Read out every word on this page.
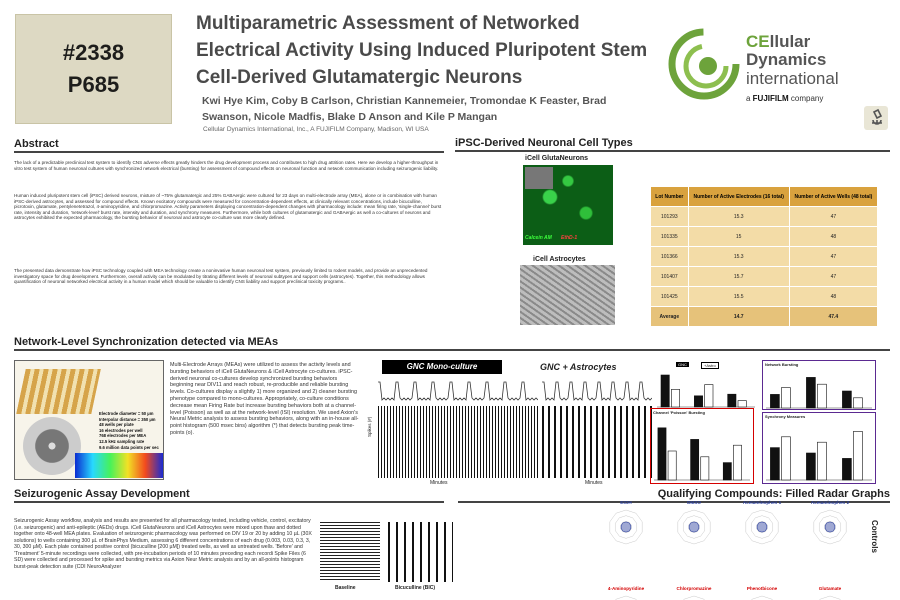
#2338
P685
Multiparametric Assessment of Networked Electrical Activity Using Induced Pluripotent Stem Cell-Derived Glutamatergic Neurons
Kwi Hye Kim, Coby B Carlson, Christian Kannemeier, Tromondae K Feaster, Brad Swanson, Nicole Madfis, Blake D Anson and Kile P Mangan
Cellular Dynamics International, Inc., A FUJIFILM Company, Madison, WI USA
CEllular
Dynamics
international
a FUJIFILM company
Abstract
The lack of a predictable preclinical test system to identify CNS adverse effects greatly hinders the drug development process and contributes to high drug attrition rates. Here we develop a higher-throughput in vitro test system of human neuronal cultures with synchronized network electrical (bursting) for assessment of compound effects on neuronal function and network communication including seizurogenic liability.
Human induced pluripotent stem cell (iPSC) derived neurons, mixture of ~75% glutamatergic and 25% GABAergic were cultured for 23 days on multi-electrode array (MEA), alone or in combination with human iPSC-derived astrocytes, and assessed for compound effects. Known excitatory compounds were measured for concentration-dependent effects, at clinically relevant concentrations, include bicuculline, picrotoxin, glutamate, pentylenetetrazol, 4-aminopyridine, and chlorpromazine. Activity parameters displaying concentration-dependent changes with pharmacology include: mean firing rate, 'single-channel' burst rate, intensity and duration, 'network-level' burst rate, intensity and duration, and synchrony measures. Furthermore, while both cultures of glutamatergic and GABAergic as well a co-cultures of neurons and astrocytes exhibited the expected pharmacology, the bursting behavior of neuronal and astrocyte co-culture was more clearly defined.
The presented data demonstrate how iPSC technology coupled with MEA technology create a noninvasive human neuronal test system, previously limited to rodent models, and provide an unprecedented investigatory space for drug development. Furthermore, overall activity can be modulated by titrating different levels of neuronal subtypes and support cells (astrocytes). Together, this methodology allows quantification of neuronal networked electrical activity in a human model which should be valuable to identify CNS liability and support preclinical toxicity programs..
iPSC-Derived Neuronal Cell Types
iCell GlutaNeurons
Calcein AM EthD-1
iCell Astrocytes
Lot Number	Number of Active Electrodes (16 total)	Number of Active Wells (48 total)
101293	15.3	47
101335	15	48
101366	15.3	47
101407	15.7	47
101425	15.5	48
Average	14.7	47.4
Network-Level Synchronization detected via MEAs
Electrode diameter = 50 µm
Interpolar distance = 350 µm
48 wells per plate
16 electrodes per well
768 electrodes per MEA
12.5 kHz sampling rate
9.6 million data points per sec
Multi-Electrode Arrays (MEAs) were utilized to assess the activity levels and bursting behaviors of iCell GlutaNeurons & iCell Astrocyte co-cultures. iPSC-derived neuronal co-cultures develop synchronized bursting behaviors beginning near DIV11 and reach robust, re-producible and reliable bursting levels. Co-cultures display a slightly 1) more organized and 2) cleaner bursting phenotype compared to mono-cultures. Appropriately, co-culture conditions decrease mean Firing Rate but increase bursting behaviors both at a channel-level (Poisson) as well as at the network-level (ISI) resolution. We used Axion's Neural Metric analysis to assess bursting behaviors, along with an in-house all-point histogram (500 msec bins) algorithm (*) that detects bursting peak time-points (o).
GNC Mono-culture
Spikes (#)
Minutes
GNC + Astrocytes
Minutes
GNC	+Astro	Network Bursting
Channel 'Poisson' Bursting
Synchrony Measures
Seizurogenic Assay Development
Seizurogenic Assay workflow, analysis and results are presented for all pharmacology tested, including vehicle, control, excitatory (i.e. seizurogenic) and anti-epileptic (AEDs) drugs. iCell GlutaNeurons and iCell Astrocytes were mixed upon thaw and dotted together onto 48-well MEA plates. Evaluation of seizurogenic pharmacology was performed on DIV 19 or 20 by adding 10 µL (30X solutions) to wells containing 300 µL of BrainPhys Medium, assessing 6 different concentrations of each drug (0.003, 0.03, 0.3, 3, 30, 300 µM). Each plate contained positive control (bicuculline [200 µM]) treated wells, as well as untreated wells. 'Before' and 'Treatment' 5-minute recordings were collected, with pre-incubation periods of 10 minutes preceding each recordi Spike Files (6 SD) were collected and processed for spike and bursting metrics via Axion Neur Metric analysis and by an all-points histogram burst-peak detection suite (CDI NeuroAnalyzer
Baseline	Bicuculline (BIC)
Qualifying Compounds: Filled Radar Graphs
EtOH	DMSO	Acetaminophen 1	Acetaminophen 2
4-Aminopyridine	Chlorpromazine	Phenotbicone	Glutamate
Controls
